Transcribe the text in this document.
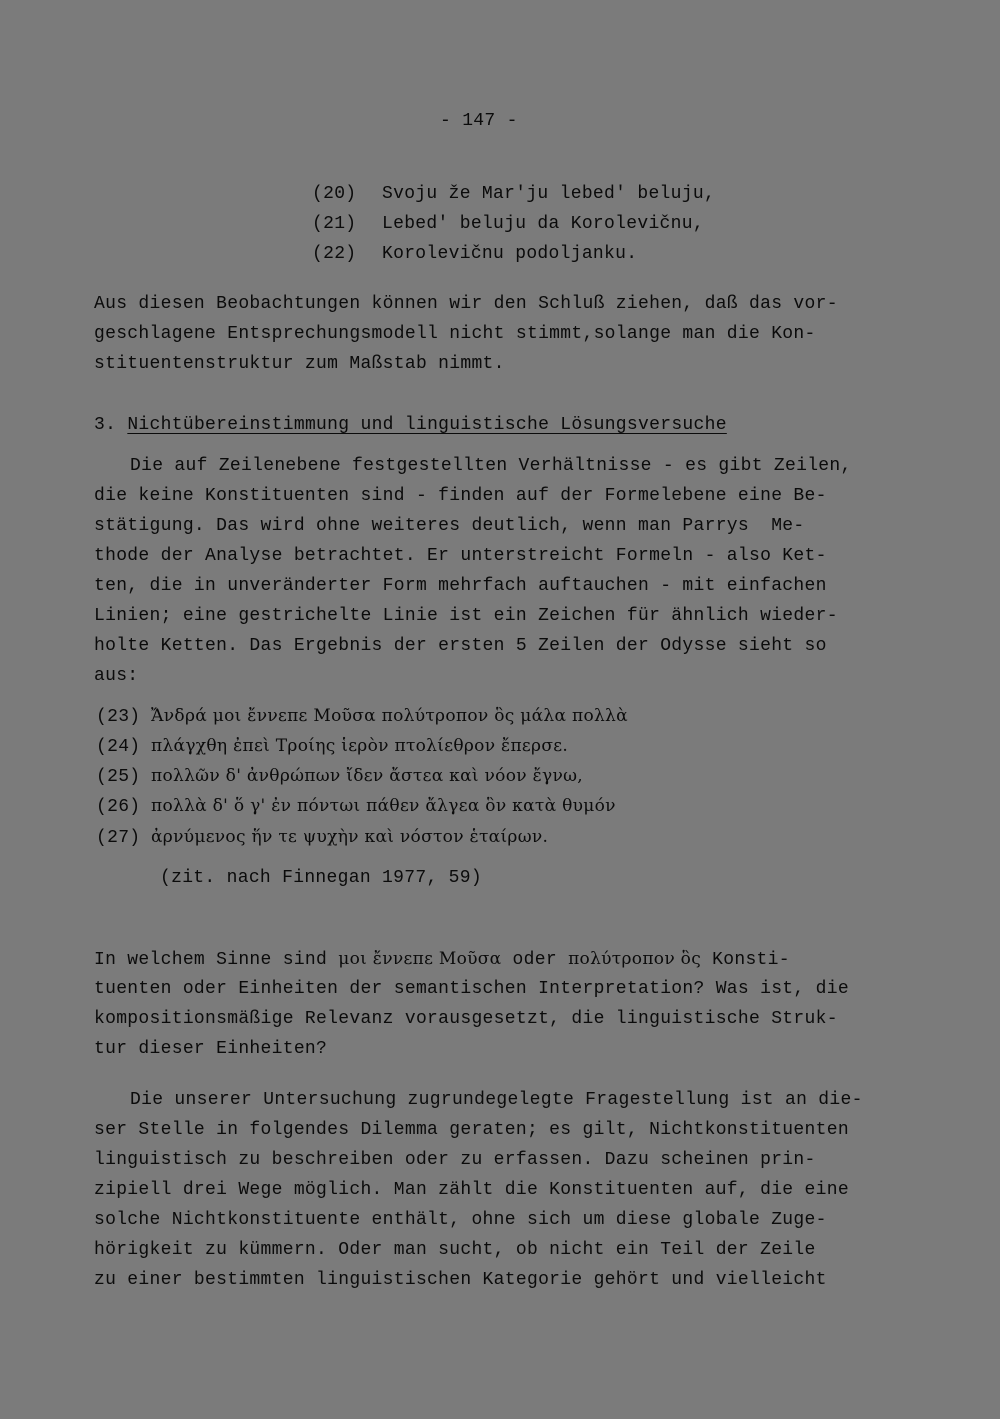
- 147 -
(20) Svoju že Mar'ju lebed' beluju,
(21) Lebed' beluju da Korolevičnu,
(22) Korolevičnu podoljanku.
Aus diesen Beobachtungen können wir den Schluß ziehen, daß das vor-
geschlagene Entsprechungsmodell nicht stimmt,solange man die Kon-
stituentenstruktur zum Maßstab nimmt.
3. Nichtübereinstimmung und linguistische Lösungsversuche
Die auf Zeilenebene festgestellten Verhältnisse - es gibt Zeilen,
die keine Konstituenten sind - finden auf der Formelebene eine Be-
stätigung. Das wird ohne weiteres deutlich, wenn man Parrys  Me-
thode der Analyse betrachtet. Er unterstreicht Formeln - also Ket-
ten, die in unveränderter Form mehrfach auftauchen - mit einfachen
Linien; eine gestrichelte Linie ist ein Zeichen für ähnlich wieder-
holte Ketten. Das Ergebnis der ersten 5 Zeilen der Odysse sieht so
aus:
(23) Ἄνδρά μοι ἔννεπε Μοῦσα πολύτροπον ὃς μάλα πολλὰ
(24) πλάγχθη ἐπεὶ Τροίης ἱερὸν πτολίεθρον ἔπερσε.
(25) πολλῶν δ' ἀνθρώπων ἴδεν ἄστεα καὶ νόον ἔγνω,
(26) πολλὰ δ' ὅ γ' ἐν πόντωι πάθεν ἄλγεα ὃν κατὰ θυμόν
(27) ἀρνύμενος ἥν τε ψυχὴν καὶ νόστον ἑταίρων.
(zit. nach Finnegan 1977, 59)
In welchem Sinne sind μοι ἔννεπε Μοῦσα oder πολύτροπον ὃς Konsti-
tuenten oder Einheiten der semantischen Interpretation? Was ist, die
kompositionsmäßige Relevanz vorausgesetzt, die linguistische Struk-
tur dieser Einheiten?
Die unserer Untersuchung zugrundegelegte Fragestellung ist an die-
ser Stelle in folgendes Dilemma geraten; es gilt, Nichtkonstituenten
linguistisch zu beschreiben oder zu erfassen. Dazu scheinen prin-
zipiell drei Wege möglich. Man zählt die Konstituenten auf, die eine
solche Nichtkonstituente enthält, ohne sich um diese globale Zuge-
hörigkeit zu kümmern. Oder man sucht, ob nicht ein Teil der Zeile
zu einer bestimmten linguistischen Kategorie gehört und vielleicht
